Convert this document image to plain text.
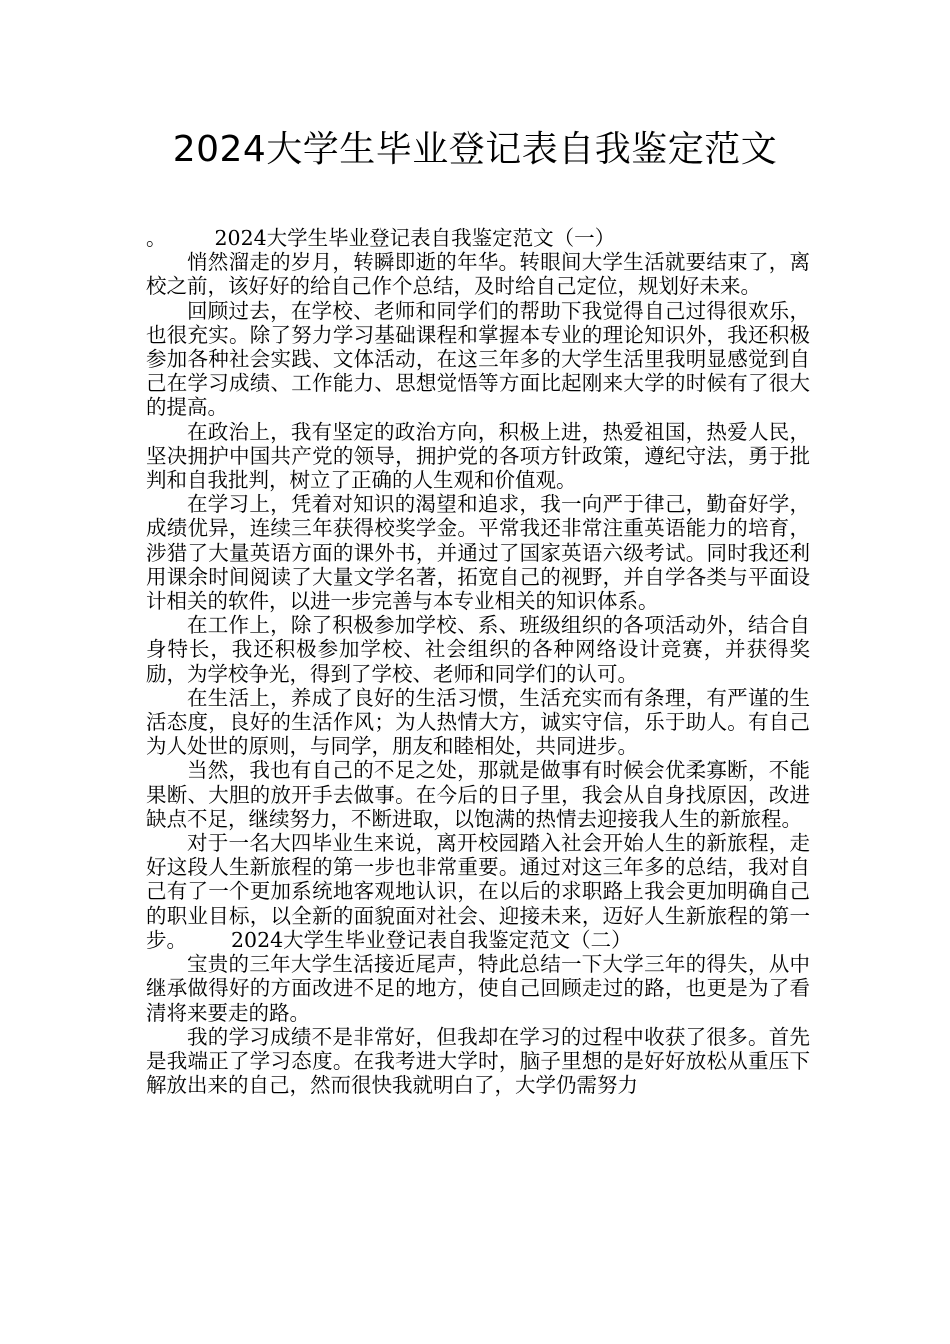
2024大学生毕业登记表自我鉴定范文

。 2024大学生毕业登记表自我鉴定范文（一）

悄然溜走的岁月，转瞬即逝的年华。转眼间大学生活就要结束了，离校之前，该好好的给自己作个总结，及时给自己定位，规划好未来。

回顾过去，在学校、老师和同学们的帮助下我觉得自己过得很欢乐，也很充实。除了努力学习基础课程和掌握本专业的理论知识外，我还积极参加各种社会实践、文体活动，在这三年多的大学生活里我明显感觉到自己在学习成绩、工作能力、思想觉悟等方面比起刚来大学的时候有了很大的提高。

在政治上，我有坚定的政治方向，积极上进，热爱祖国，热爱人民，坚决拥护中国共产党的领导，拥护党的各项方针政策，遵纪守法，勇于批判和自我批判，树立了正确的人生观和价值观。

在学习上，凭着对知识的渴望和追求，我一向严于律己，勤奋好学，成绩优异，连续三年获得校奖学金。平常我还非常注重英语能力的培育，涉猎了大量英语方面的课外书，并通过了国家英语六级考试。同时我还利用课余时间阅读了大量文学名著，拓宽自己的视野，并自学各类与平面设计相关的软件，以进一步完善与本专业相关的知识体系。

在工作上，除了积极参加学校、系、班级组织的各项活动外，结合自身特长，我还积极参加学校、社会组织的各种网络设计竞赛，并获得奖励，为学校争光，得到了学校、老师和同学们的认可。

在生活上，养成了良好的生活习惯，生活充实而有条理，有严谨的生活态度，良好的生活作风；为人热情大方，诚实守信，乐于助人。有自己为人处世的原则，与同学，朋友和睦相处，共同进步。

当然，我也有自己的不足之处，那就是做事有时候会优柔寡断，不能果断、大胆的放开手去做事。在今后的日子里，我会从自身找原因，改进缺点不足，继续努力，不断进取，以饱满的热情去迎接我人生的新旅程。

对于一名大四毕业生来说，离开校园踏入社会开始人生的新旅程，走好这段人生新旅程的第一步也非常重要。通过对这三年多的总结，我对自己有了一个更加系统地客观地认识，在以后的求职路上我会更加明确自己的职业目标，以全新的面貌面对社会、迎接未来，迈好人生新旅程的第一步。 2024大学生毕业登记表自我鉴定范文（二）

宝贵的三年大学生活接近尾声，特此总结一下大学三年的得失，从中继承做得好的方面改进不足的地方，使自己回顾走过的路，也更是为了看清将来要走的路。

我的学习成绩不是非常好，但我却在学习的过程中收获了很多。首先是我端正了学习态度。在我考进大学时，脑子里想的是好好放松从重压下解放出来的自己，然而很快我就明白了，大学仍需努力
